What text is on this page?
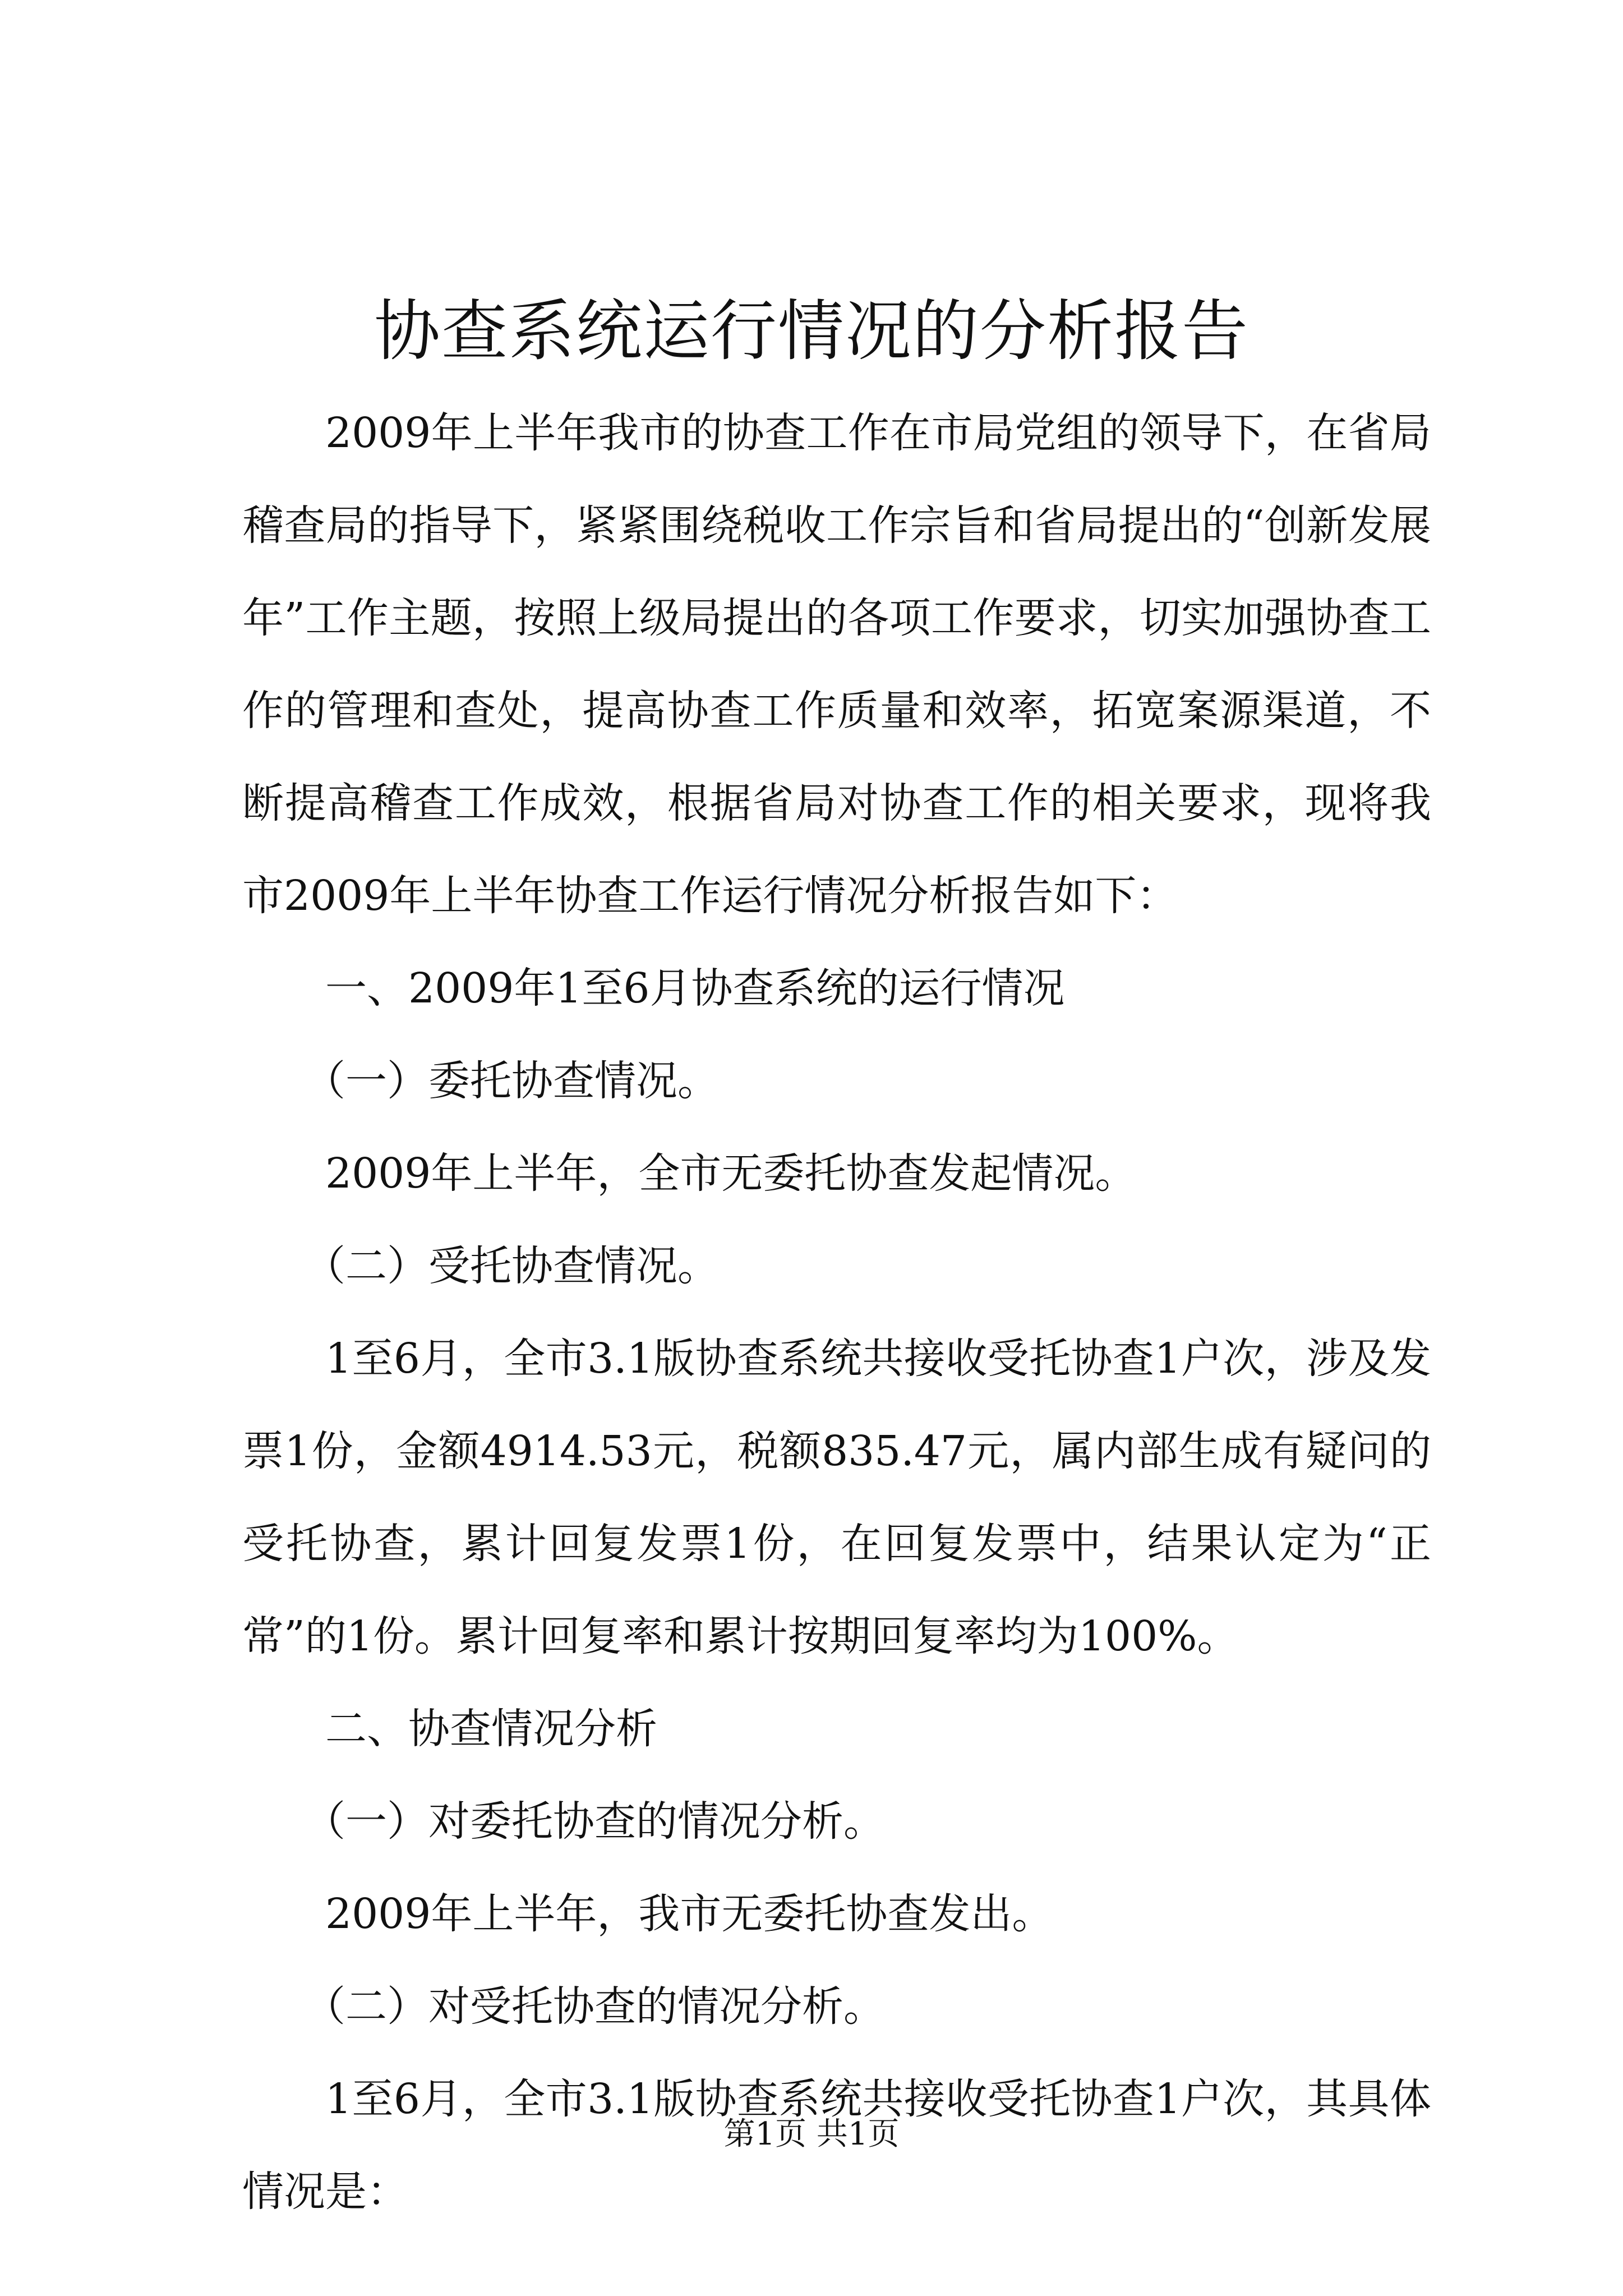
协查系统运行情况的分析报告

2009年上半年我市的协查工作在市局党组的领导下，在省局稽查局的指导下，紧紧围绕税收工作宗旨和省局提出的“创新发展年”工作主题，按照上级局提出的各项工作要求，切实加强协查工作的管理和查处，提高协查工作质量和效率，拓宽案源渠道，不断提高稽查工作成效，根据省局对协查工作的相关要求，现将我市2009年上半年协查工作运行情况分析报告如下：

一、2009年1至6月协查系统的运行情况

（一）委托协查情况。

2009年上半年，全市无委托协查发起情况。

（二）受托协查情况。

1至6月，全市3.1版协查系统共接收受托协查1户次，涉及发票1份，金额4914.53元，税额835.47元，属内部生成有疑问的受托协查，累计回复发票1份，在回复发票中，结果认定为“正常”的1份。累计回复率和累计按期回复率均为100%。

二、协查情况分析

（一）对委托协查的情况分析。

2009年上半年，我市无委托协查发出。

（二）对受托协查的情况分析。

1至6月，全市3.1版协查系统共接收受托协查1户次，其具体情况是：

第1页 共1页
